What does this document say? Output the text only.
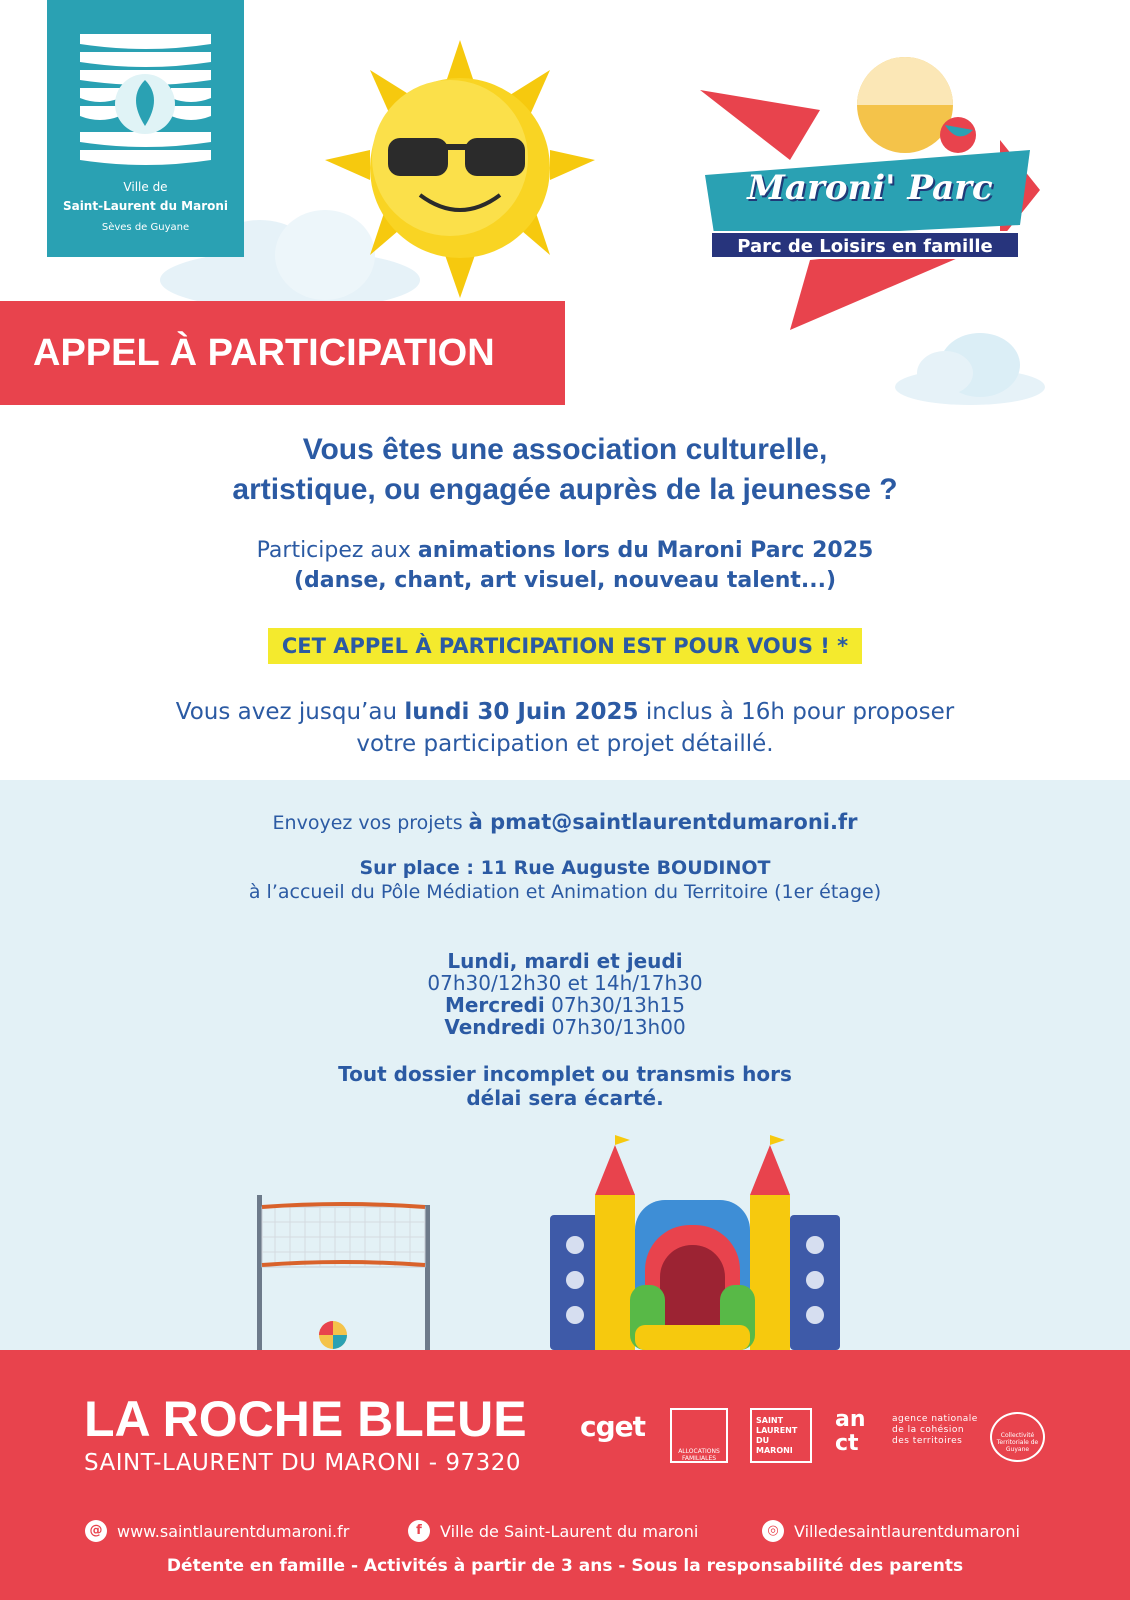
Ville de
Saint-Laurent du Maroni
Sèves de Guyane
Maroni' Parc
Parc de Loisirs en famille
APPEL À PARTICIPATION
Vous êtes une association culturelle,
artistique, ou engagée auprès de la jeunesse ?
Participez aux animations lors du Maroni Parc 2025
(danse, chant, art visuel, nouveau talent...)
CET APPEL À PARTICIPATION EST POUR VOUS ! *
Vous avez jusqu’au lundi 30 Juin 2025 inclus à 16h pour proposer
votre participation et projet détaillé.
Envoyez vos projets à pmat@saintlaurentdumaroni.fr
Sur place : 11 Rue Auguste BOUDINOT
à l’accueil du Pôle Médiation et Animation du Territoire (1er étage)
Lundi, mardi et jeudi
07h30/12h30 et 14h/17h30
Mercredi 07h30/13h15
Vendredi 07h30/13h00
Tout dossier incomplet ou transmis hors
délai sera écarté.
LA ROCHE BLEUE
SAINT-LAURENT DU MARONI - 97320
cget
ALLOCATIONS FAMILIALES
SAINT LAURENT DU MARONI
an ct
agence nationale de la cohésion des territoires
Collectivité Territoriale de Guyane
@ www.saintlaurentdumaroni.fr	f	Ville de Saint-Laurent du maroni	◎ Villedesaintlaurentdumaroni
Détente en famille - Activités à partir de 3 ans - Sous la responsabilité des parents
